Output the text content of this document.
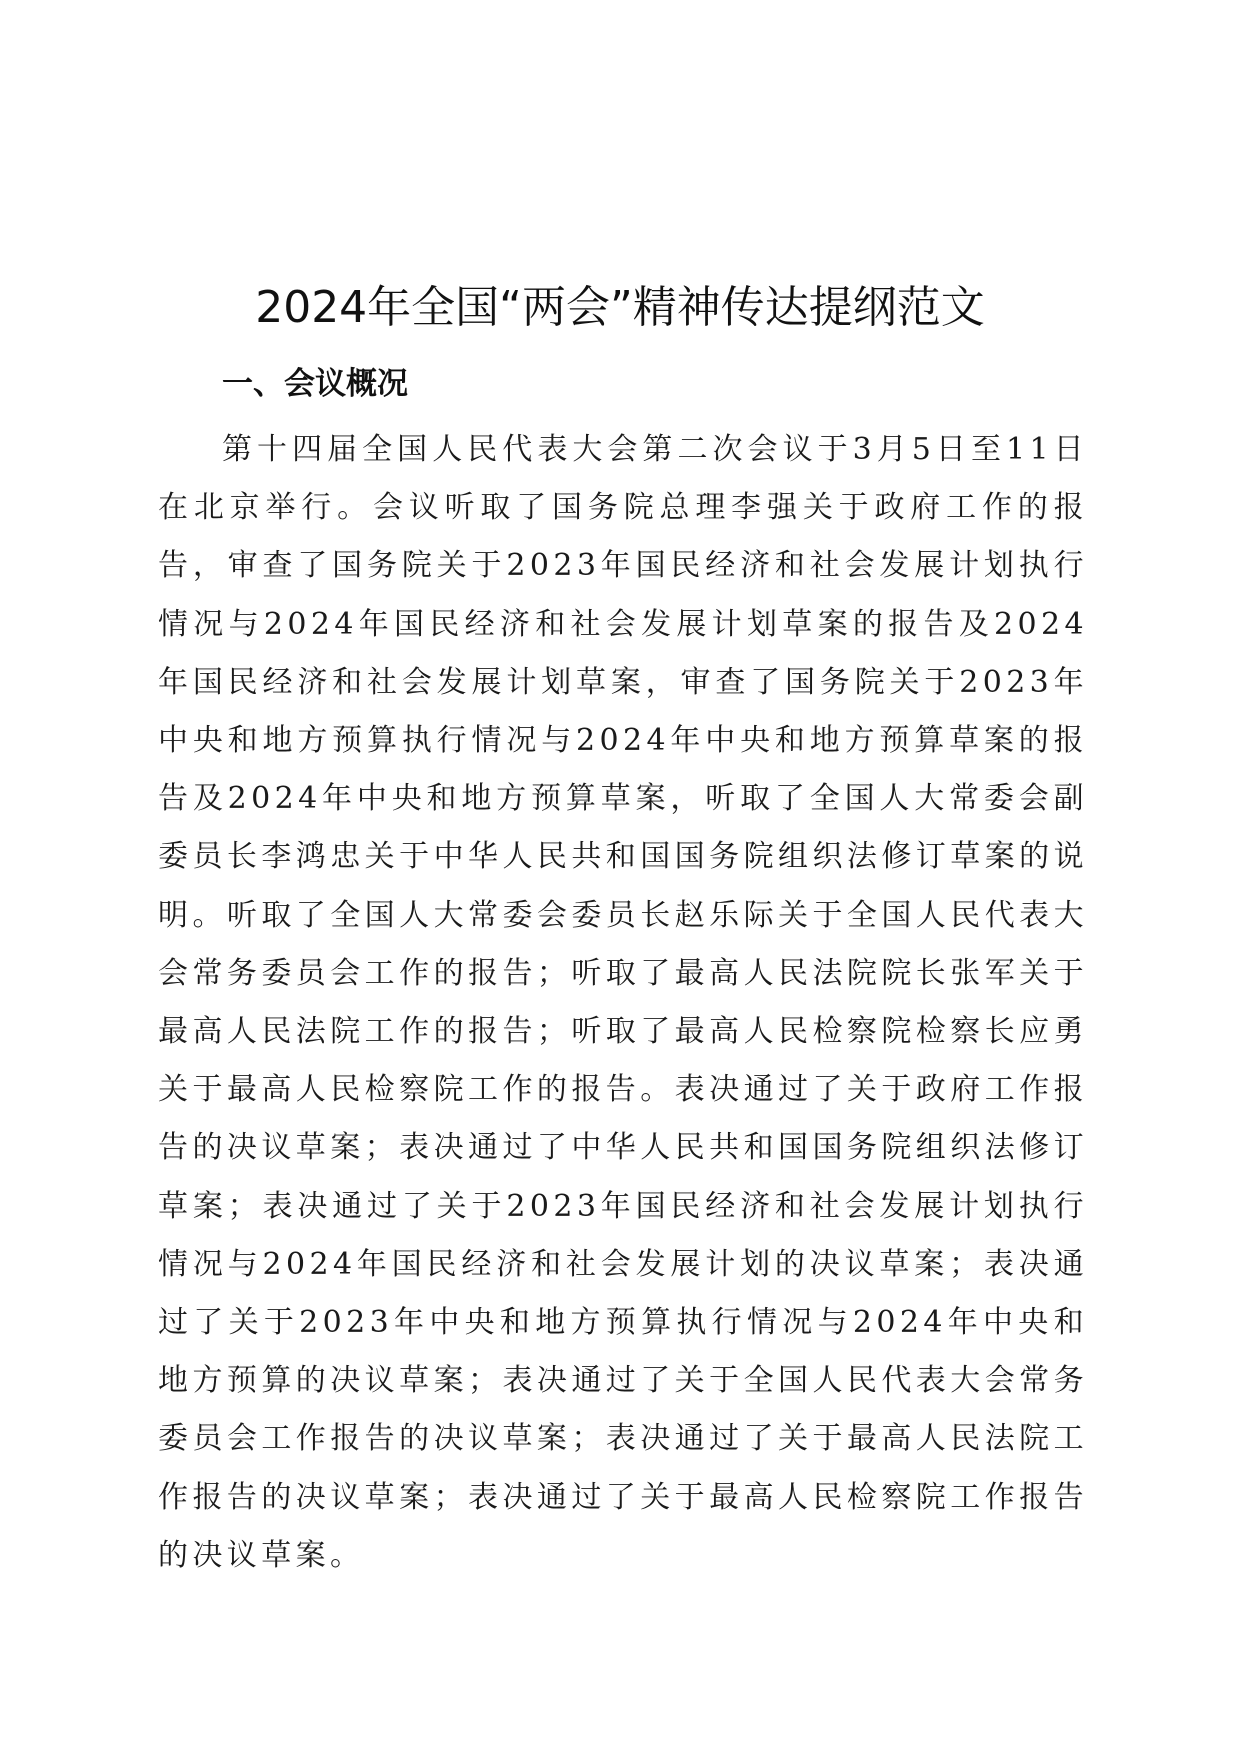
2024年全国“两会”精神传达提纲范文
一、会议概况

第十四届全国人民代表大会第二次会议于3月5日至11日在北京举行。会议听取了国务院总理李强关于政府工作的报告，审查了国务院关于2023年国民经济和社会发展计划执行情况与2024年国民经济和社会发展计划草案的报告及2024年国民经济和社会发展计划草案，审查了国务院关于2023年中央和地方预算执行情况与2024年中央和地方预算草案的报告及2024年中央和地方预算草案，听取了全国人大常委会副委员长李鸿忠关于中华人民共和国国务院组织法修订草案的说明。听取了全国人大常委会委员长赵乐际关于全国人民代表大会常务委员会工作的报告；听取了最高人民法院院长张军关于最高人民法院工作的报告；听取了最高人民检察院检察长应勇关于最高人民检察院工作的报告。表决通过了关于政府工作报告的决议草案；表决通过了中华人民共和国国务院组织法修订草案；表决通过了关于2023年国民经济和社会发展计划执行情况与2024年国民经济和社会发展计划的决议草案；表决通过了关于2023年中央和地方预算执行情况与2024年中央和地方预算的决议草案；表决通过了关于全国人民代表大会常务委员会工作报告的决议草案；表决通过了关于最高人民法院工作报告的决议草案；表决通过了关于最高人民检察院工作报告的决议草案。
